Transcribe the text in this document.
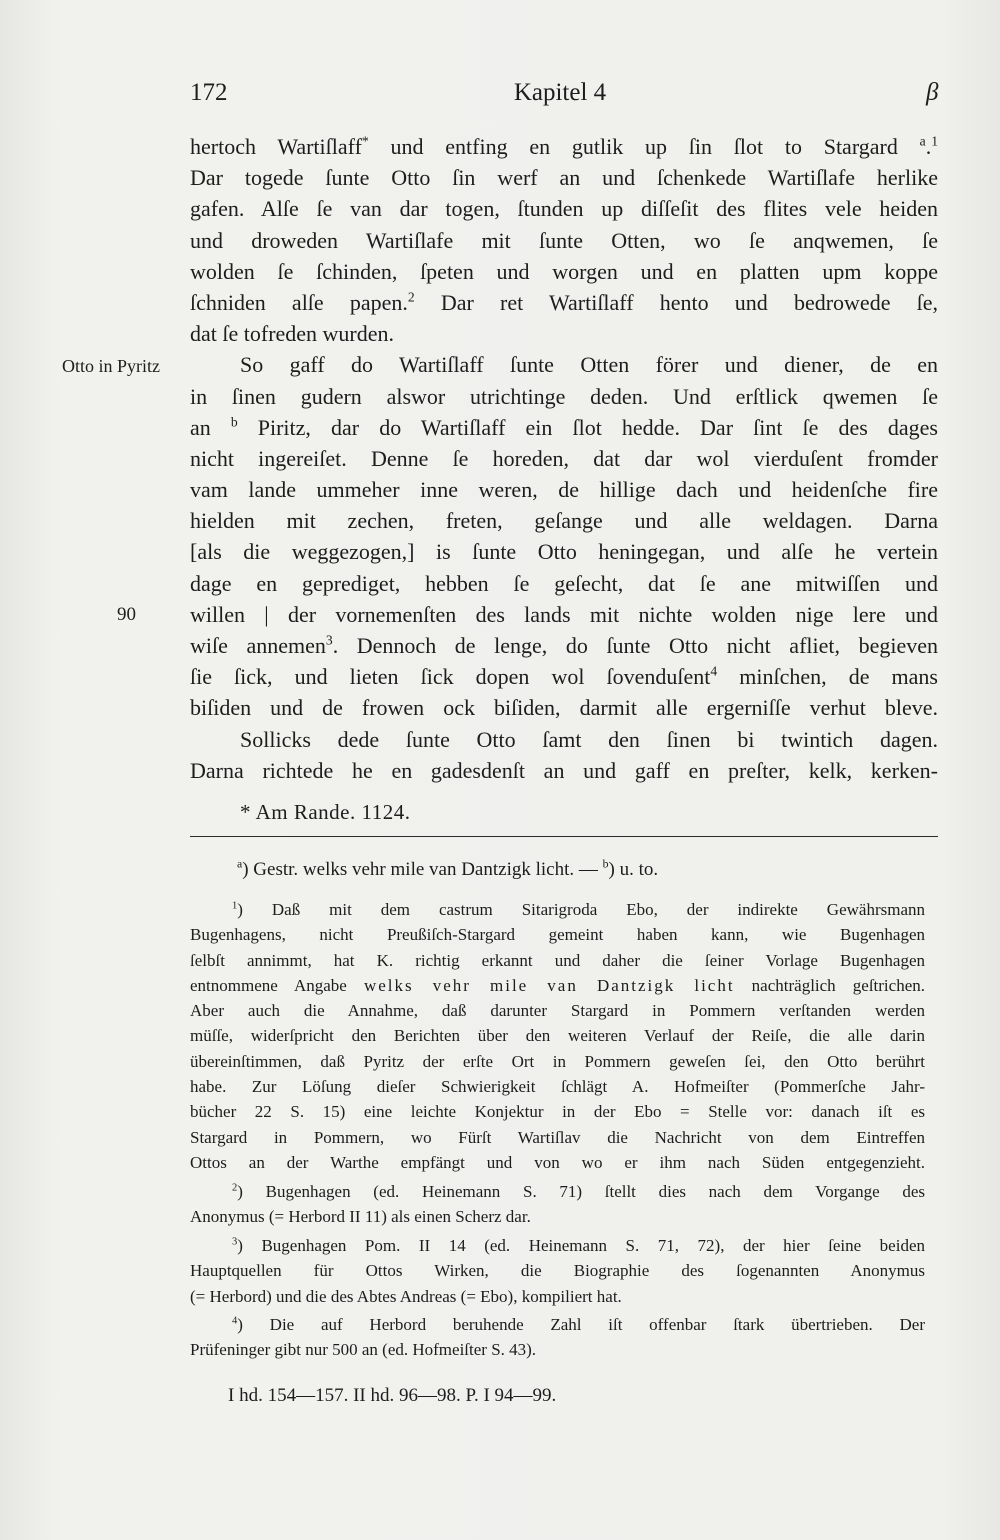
172	Kapitel 4	β
Otto in Pyritz
90
hertoch Wartiſlaff* und entfing en gutlik up ſin ſlot to Stargard $^a$.$^1$
Dar togede ſunte Otto ſin werf an und ſchenkede Wartiſlafe herlike
gafen. Alſe ſe van dar togen, ſtunden up diſſeſit des flites vele heiden
und droweden Wartiſlafe mit ſunte Otten, wo ſe anqwemen, ſe
wolden ſe ſchinden, ſpeten und worgen und en platten upm koppe
ſchniden alſe papen.$^2$ Dar ret Wartiſlaff hento und bedrowede ſe,
dat ſe tofreden wurden.
So gaff do Wartiſlaff ſunte Otten förer und diener, de en
in ſinen gudern alswor utrichtinge deden. Und erſtlick qwemen ſe
an $^b$ Piritz, dar do Wartiſlaff ein ſlot hedde. Dar ſint ſe des dages
nicht ingereiſet. Denne ſe horeden, dat dar wol vierduſent fromder
vam lande ummeher inne weren, de hillige dach und heidenſche fire
hielden mit zechen, freten, geſange und alle weldagen. Darna
[als die weggezogen,] is ſunte Otto heningegan, und alſe he vertein
dage en geprediget, hebben ſe geſecht, dat ſe ane mitwiſſen und
willen | der vornemenſten des lands mit nichte wolden nige lere und
wiſe annemen$^3$. Dennoch de lenge, do ſunte Otto nicht afliet, begieven
ſie ſick, und lieten ſick dopen wol ſovenduſent$^4$ minſchen, de mans
biſiden und de frowen ock biſiden, darmit alle ergerniſſe verhut bleve.
Sollicks dede ſunte Otto ſamt den ſinen bi twintich dagen.
Darna richtede he en gadesdenſt an und gaff en preſter, kelk, kerken-
* Am Rande. 1124.
$^a$) Gestr. welks vehr mile van Dantzigk licht. — $^b$) u. to.
$^1$) Daß mit dem castrum Sitarigroda Ebo, der indirekte Gewährsmann
Bugenhagens, nicht Preußiſch-Stargard gemeint haben kann, wie Bugenhagen
ſelbſt annimmt, hat K. richtig erkannt und daher die ſeiner Vorlage Bugenhagen
entnommene Angabe welks vehr mile van Dantzigk licht nachträglich geſtrichen.
Aber auch die Annahme, daß darunter Stargard in Pommern verſtanden werden
müſſe, widerſpricht den Berichten über den weiteren Verlauf der Reiſe, die alle darin
übereinſtimmen, daß Pyritz der erſte Ort in Pommern geweſen ſei, den Otto berührt
habe. Zur Löſung dieſer Schwierigkeit ſchlägt A. Hofmeiſter (Pommerſche Jahr-
bücher 22 S. 15) eine leichte Konjektur in der Ebo = Stelle vor: danach iſt es
Stargard in Pommern, wo Fürſt Wartiſlav die Nachricht von dem Eintreffen
Ottos an der Warthe empfängt und von wo er ihm nach Süden entgegenzieht.
$^2$) Bugenhagen (ed. Heinemann S. 71) ſtellt dies nach dem Vorgange des
Anonymus (= Herbord II 11) als einen Scherz dar.
$^3$) Bugenhagen Pom. II 14 (ed. Heinemann S. 71, 72), der hier ſeine beiden
Hauptquellen für Ottos Wirken, die Biographie des ſogenannten Anonymus
(= Herbord) und die des Abtes Andreas (= Ebo), kompiliert hat.
$^4$) Die auf Herbord beruhende Zahl iſt offenbar ſtark übertrieben. Der
Prüfeninger gibt nur 500 an (ed. Hofmeiſter S. 43).
I hd. 154—157. II hd. 96—98. P. I 94—99.
